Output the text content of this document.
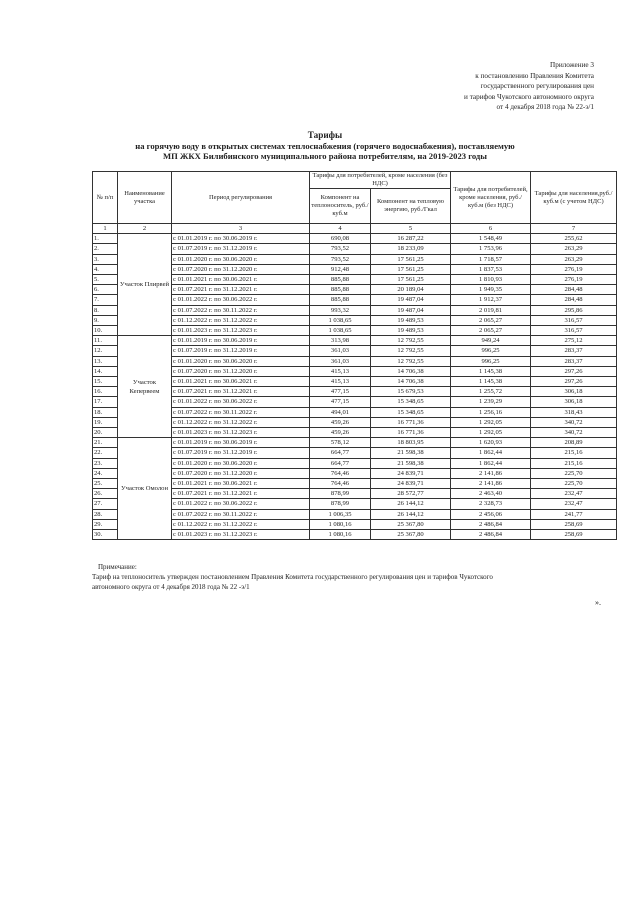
Приложение 3
к постановлению Правления Комитета
государственного регулирования цен
и тарифов Чукотского автономного округа
от 4 декабря 2018 года № 22-э/1
Тарифы
на горячую воду в открытых системах теплоснабжения (горячего водоснабжения), поставляемую
МП ЖКХ Билибинского муниципального района потребителям, на 2019-2023 годы
№ п/п	Наименование участка	Период регулирования	Тарифы для потребителей, кроме населения (без НДС)		Тарифы для потребителей, кроме населения, руб./куб.м (без НДС)	Тарифы для населения,руб./куб.м (с учетом НДС)
			Компонент на теплоноситель, руб./куб.м	Компонент на тепловую энергию, руб./Гкал		
1	2	3	4	5	6	7
1.	Участок Плирвей	с 01.01.2019 г. по 30.06.2019 г.	690,08	16 287,22	1 548,49	255,62
2.		с 01.07.2019 г. по 31.12.2019 г.	793,52	18 233,09	1 753,96	263,29
3.		с 01.01.2020 г. по 30.06.2020 г.	793,52	17 561,25	1 718,57	263,29
4.		с 01.07.2020 г. по 31.12.2020 г.	912,48	17 561,25	1 837,53	276,19
5.		с 01.01.2021 г. по 30.06.2021 г.	885,88	17 561,25	1 810,93	276,19
6.		с 01.07.2021 г. по 31.12.2021 г.	885,88	20 189,04	1 949,35	284,48
7.		с 01.01.2022 г. по 30.06.2022 г.	885,88	19 487,04	1 912,37	284,48
8.		с 01.07.2022 г. по 30.11.2022 г.	993,32	19 487,04	2 019,81	295,86
9.		с 01.12.2022 г. по 31.12.2022 г.	1 038,65	19 489,53	2 065,27	316,57
10.		с 01.01.2023 г. по 31.12.2023 г.	1 038,65	19 489,53	2 065,27	316,57
11.	Участок Кепервеем	с 01.01.2019 г. по 30.06.2019 г.	313,98	12 792,55	949,24	275,12
12.		с 01.07.2019 г. по 31.12.2019 г.	361,03	12 792,55	996,25	283,37
13.		с 01.01.2020 г. по 30.06.2020 г.	361,03	12 792,55	996,25	283,37
14.		с 01.07.2020 г. по 31.12.2020 г.	415,13	14 706,38	1 145,38	297,26
15.		с 01.01.2021 г. по 30.06.2021 г.	415,13	14 706,38	1 145,38	297,26
16.		с 01.07.2021 г. по 31.12.2021 г.	477,15	15 679,53	1 255,72	306,18
17.		с 01.01.2022 г. по 30.06.2022 г.	477,15	15 348,65	1 239,29	306,18
18.		с 01.07.2022 г. по 30.11.2022 г.	494,01	15 348,65	1 256,16	318,43
19.		с 01.12.2022 г. по 31.12.2022 г.	459,26	16 771,36	1 292,05	340,72
20.		с 01.01.2023 г. по 31.12.2023 г.	459,26	16 771,36	1 292,05	340,72
21.	Участок Омолон	с 01.01.2019 г. по 30.06.2019 г.	578,12	18 803,95	1 620,93	208,89
22.		с 01.07.2019 г. по 31.12.2019 г.	664,77	21 598,38	1 862,44	215,16
23.		с 01.01.2020 г. по 30.06.2020 г.	664,77	21 598,38	1 862,44	215,16
24.		с 01.07.2020 г. по 31.12.2020 г.	764,46	24 839,71	2 141,86	225,70
25.		с 01.01.2021 г. по 30.06.2021 г.	764,46	24 839,71	2 141,86	225,70
26.		с 01.07.2021 г. по 31.12.2021 г.	878,99	28 572,77	2 463,40	232,47
27.		с 01.01.2022 г. по 30.06.2022 г.	878,99	26 144,12	2 328,73	232,47
28.		с 01.07.2022 г. по 30.11.2022 г.	1 006,35	26 144,12	2 456,06	241,77
29.		с 01.12.2022 г. по 31.12.2022 г.	1 080,16	25 367,80	2 486,84	258,69
30.		с 01.01.2023 г. по 31.12.2023 г.	1 080,16	25 367,80	2 486,84	258,69
Примечание:
Тариф на теплоноситель утвержден постановлением Правления Комитета государственного регулирования цен и тарифов Чукотского
автономного округа от 4 декабря 2018 года № 22 -э/1
».
